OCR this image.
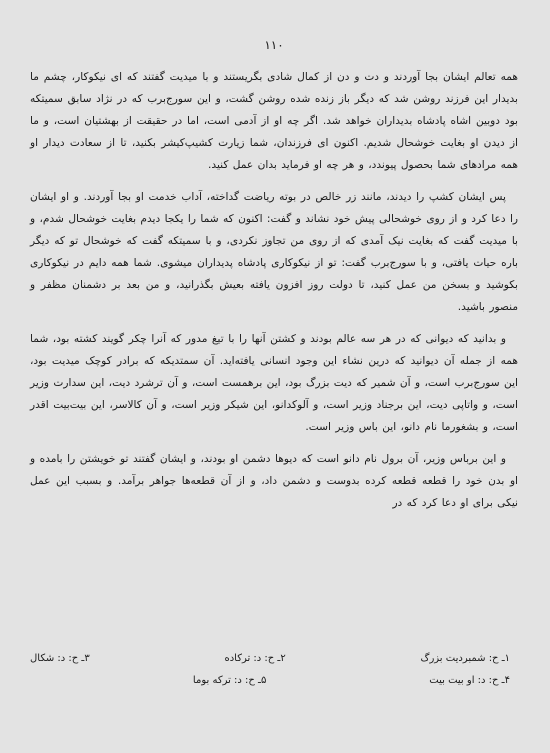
۱۱۰

همه تعالم ایشان بجا آوردند و دت و دن از کمال شادی بگریستند و با میدیت گفتند که ای نیکوکار، چشم ما بدیدار این فرزند روشن شد که دیگر باز زنده شده روشن گشت، و این سورج‌برب که در نژاد سابق سمیتکه بود دوبین اشاه پادشاه بدیداران خواهد شد. اگر چه او از آدمی است، اما در حقیقت از بهشتیان است، و ما از دیدن او بغایت خوشحال شدیم. اکنون ای فرزندان، شما زیارت کشیپ‌کیشر بکنید، تا از سعادت دیدار او همه مرادهای شما بحصول پیوندد، و هر چه او فرماید بدان عمل کنید.

پس ایشان کشپ را دیدند، مانند زر خالص در بوته رياضت گداخته، آداب خدمت او بجا آوردند. و او ایشان را دعا کرد و از روی خوشحالی پیش خود نشاند و گفت: اکنون که شما را یکجا دیدم بغایت خوشحال شدم، و با میدیت گفت که بغایت نیک آمدی که از روی من تجاوز نکردی، و با سمیتکه گفت که خوشحال تو که دیگر باره حیات یافتی، و با سورج‌برب گفت: تو از نیکوکاری پادشاه پدیداران میشوی. شما همه دایم در نیکوکاری بکوشید و بسخن من عمل کنید، تا دولت روز افزون یافته بعیش بگذرانید، و من بعد بر دشمنان مظفر و منصور باشید.

و بدانید که دیوانی که در هر سه عالم بودند و کشتن آنها را با تیغ مدور که آنرا چکر گویند کشته بود، شما همه از جمله آن دیوانید که درین نشاء این وجود انسانی یافته‌اید. آن سمتدیکه که برادر کوچک میدیت بود، این سورج‌برب است، و آن شمیر که دیت بزرگ بود، این برهمست است، و آن ترشرد دیت، این سدارت وزیر است، و واتاپی دیت، این برجناد وزیر است، و آلوکدانو، این شیکر وزیر است، و آن کالاسر، این بیت‌بیت اقدر است، و بشغورما نام دانو، این باس وزیر است.

و این برباس وزیر، آن برول نام دانو است که دیوها دشمن او بودند، و ایشان گفتند تو خویشتن را بامده و او بدن خود را قطعه قطعه کرده بدوست و دشمن داد، و از آن قطعه‌ها جواهر برآمد. و بسبب این عمل نیکی برای او دعا کرد که در

۱ـ ح: شمبردیت بزرگ
۲ـ ح: د: ترکاده
۳ـ ح: د: شکال
۴ـ ح: د: او بیت بیت
۵ـ ح: د: ترکه بوما
